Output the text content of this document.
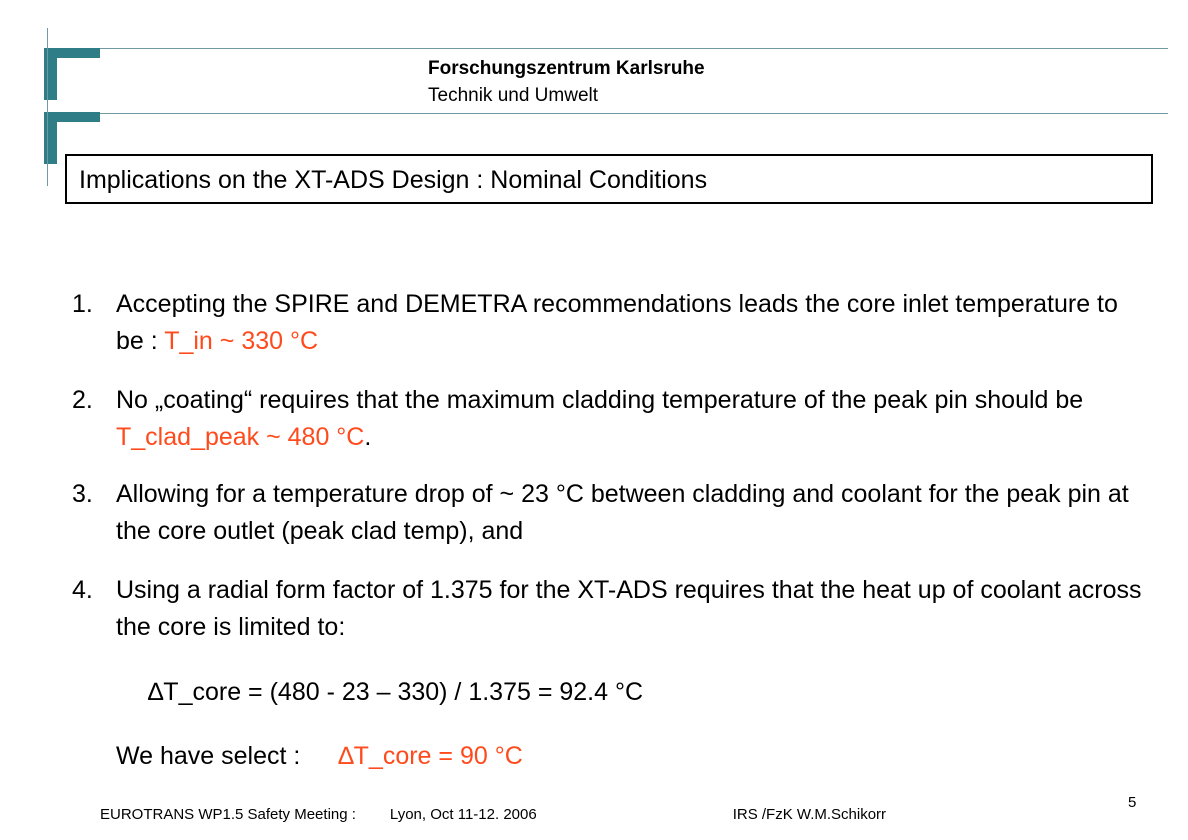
Forschungszentrum Karlsruhe
Technik und Umwelt
Implications on the XT-ADS Design : Nominal Conditions
1. Accepting the SPIRE and DEMETRA recommendations leads the core inlet temperature to be : T_in ~ 330 °C
2. No „coating“ requires that the maximum cladding temperature of the peak pin should be T_clad_peak ~ 480 °C.
3. Allowing for a temperature drop of ~ 23 °C between cladding and coolant for the peak pin at the core outlet (peak clad temp), and
4. Using a radial form factor of 1.375 for the XT-ADS requires that the heat up of coolant across the core is limited to:
∆T_core = (480 - 23 – 330) / 1.375 = 92.4 °C
We have select : ∆T_core = 90 °C
EUROTRANS WP1.5 Safety Meeting : Lyon, Oct 11-12. 2006	IRS /FzK W.M.Schikorr
5
